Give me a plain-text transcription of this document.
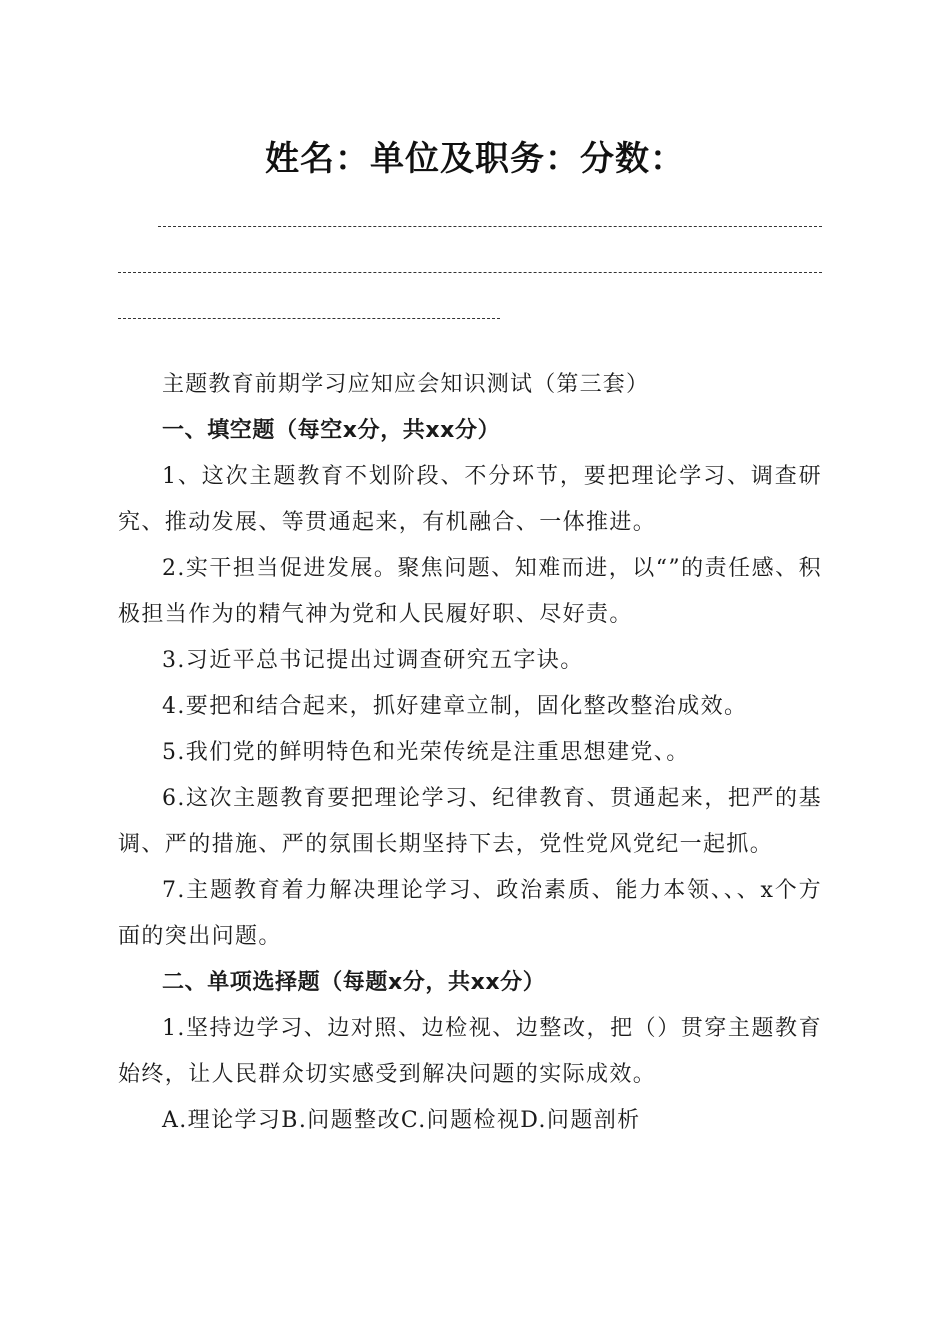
姓名：单位及职务：分数：

主题教育前期学习应知应会知识测试（第三套）

一、填空题（每空x分，共xx分）

1、这次主题教育不划阶段、不分环节，要把理论学习、调查研究、推动发展、等贯通起来，有机融合、一体推进。

2.实干担当促进发展。聚焦问题、知难而进，以“”的责任感、积极担当作为的精气神为党和人民履好职、尽好责。

3.习近平总书记提出过调查研究五字诀。

4.要把和结合起来，抓好建章立制，固化整改整治成效。

5.我们党的鲜明特色和光荣传统是注重思想建党、。

6.这次主题教育要把理论学习、纪律教育、贯通起来，把严的基调、严的措施、严的氛围长期坚持下去，党性党风党纪一起抓。

7.主题教育着力解决理论学习、政治素质、能力本领、、、x个方面的突出问题。

二、单项选择题（每题x分，共xx分）

1.坚持边学习、边对照、边检视、边整改，把（）贯穿主题教育始终，让人民群众切实感受到解决问题的实际成效。

A.理论学习B.问题整改C.问题检视D.问题剖析
